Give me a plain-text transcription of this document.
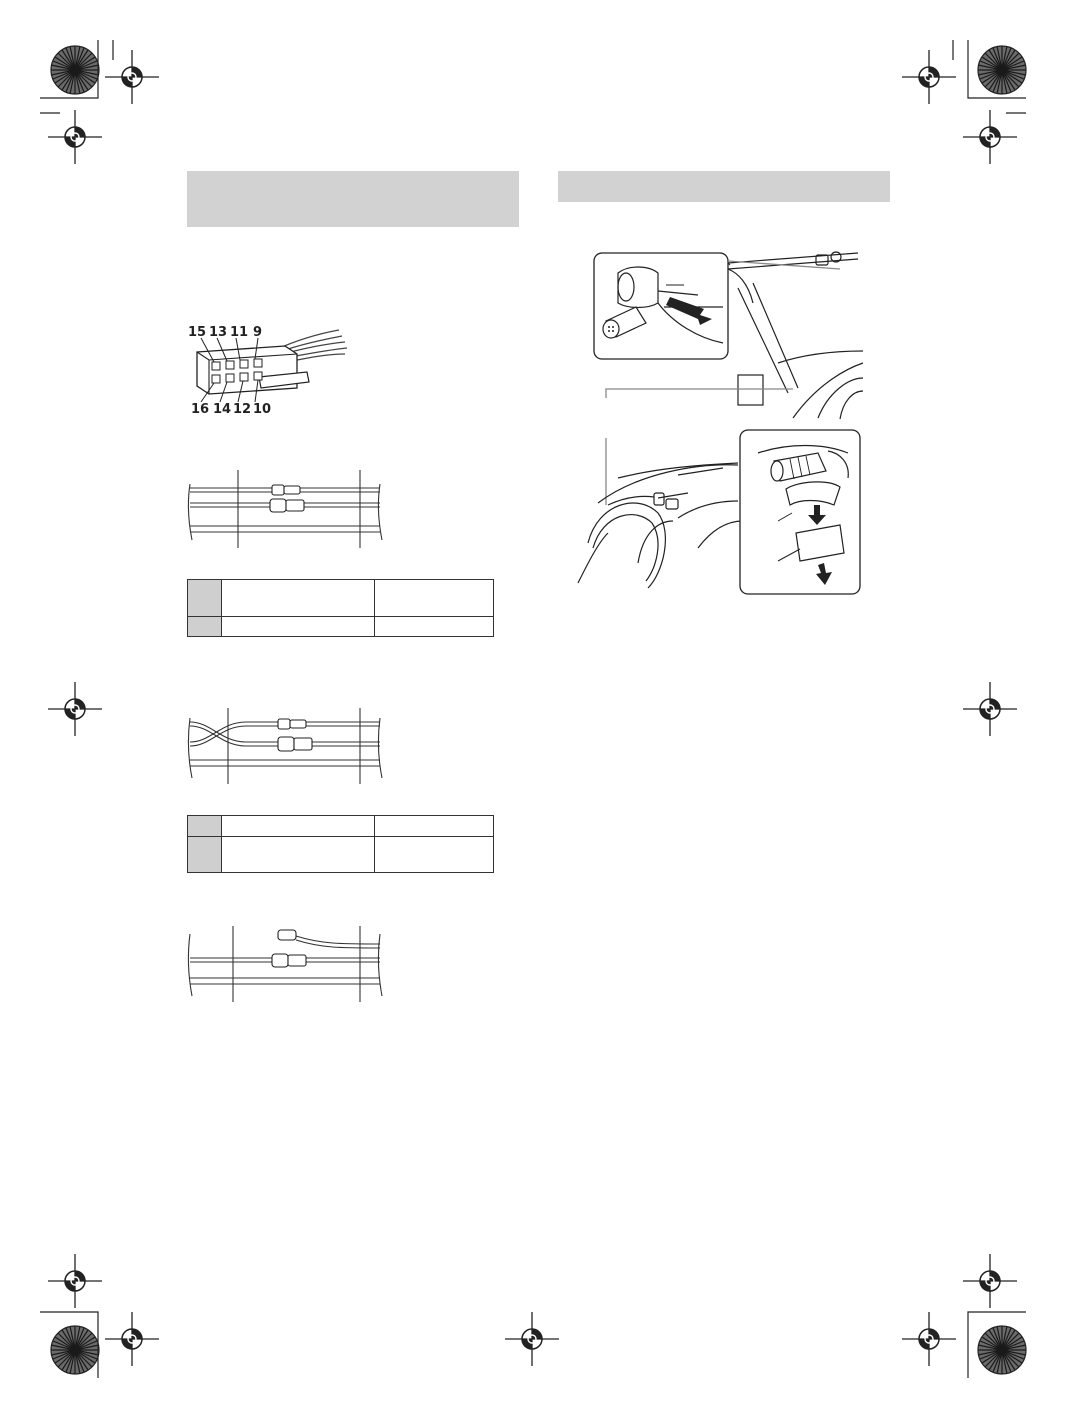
15 13 11 9
16 14 12 10
